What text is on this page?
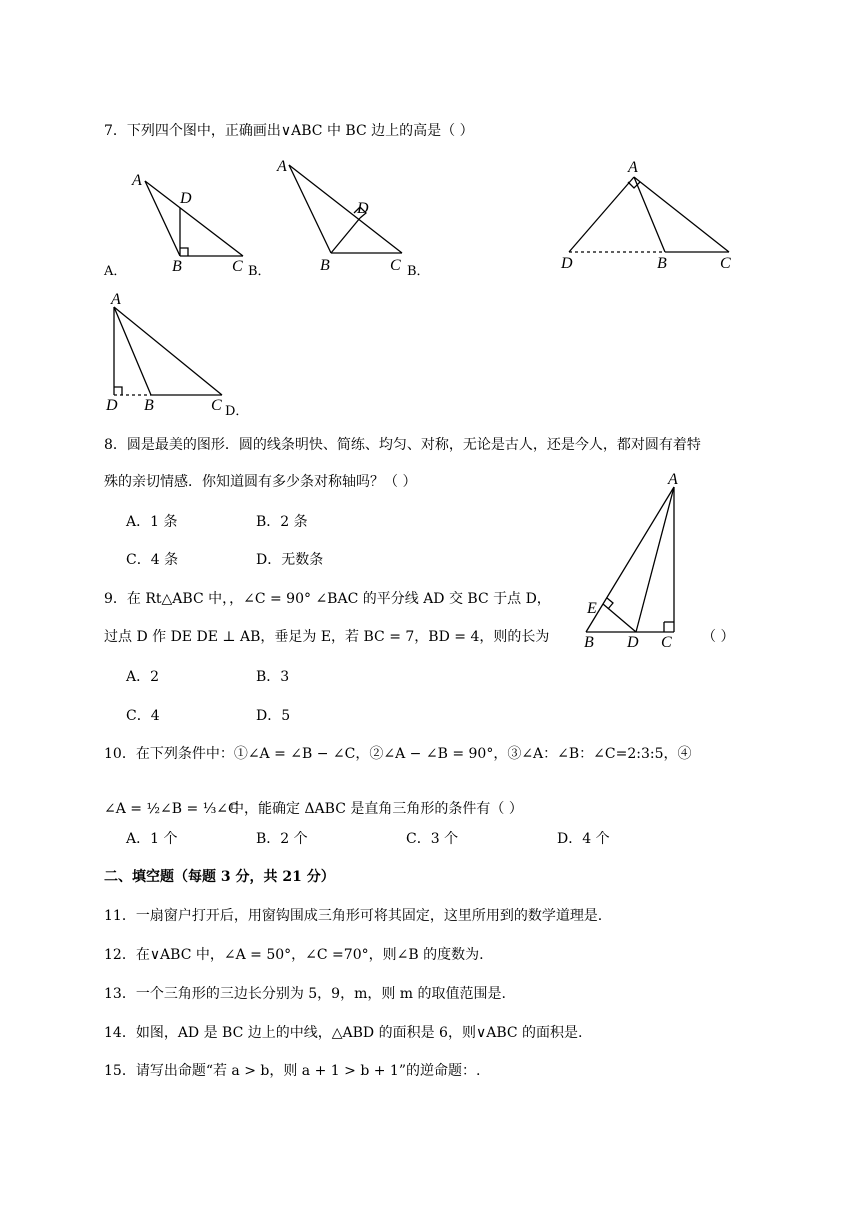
7．下列四个图中，正确画出∨ABC 中 BC 边上的高是（ ）
A
D
B	C
A．
A
D
B	C B．
B．
A
D	B	C
A
D B	C D．
8．圆是最美的图形．圆的线条明快、简练、均匀、对称，无论是古人，还是今人，都对圆有着特
殊的亲切情感．你知道圆有多少条对称轴吗？（ ）
A．1 条	B．2 条
C．4 条	D．无数条
A
E
B D C
9．在 Rt△ABC 中，，∠C = 90° ∠BAC 的平分线 AD 交 BC 于点 D，
过点 D 作 DE DE ⊥ AB，垂足为 E，若 BC = 7，BD = 4，则的长为	（ ）
A．2	B．3
C．4	D．5
10．在下列条件中：①∠A = ∠B − ∠C，②∠A − ∠B = 90°，③∠A：∠B：∠C=2:3:5，④
∠A = ½∠B = ⅓∠C
中，能确定 ΔABC 是直角三角形的条件有（ ）
A．1 个	B．2 个	C．3 个	D．4 个
二、填空题（每题 3 分，共 21 分）
11．一扇窗户打开后，用窗钩围成三角形可将其固定，这里所用到的数学道理是.
12．在∨ABC 中，∠A = 50°，∠C =70°，则∠B 的度数为.
13．一个三角形的三边长分别为 5，9，m，则 m 的取值范围是.
14．如图，AD 是 BC 边上的中线，△ABD 的面积是 6，则∨ABC 的面积是.
15．请写出命题“若 a > b，则 a + 1 > b + 1”的逆命题：.
